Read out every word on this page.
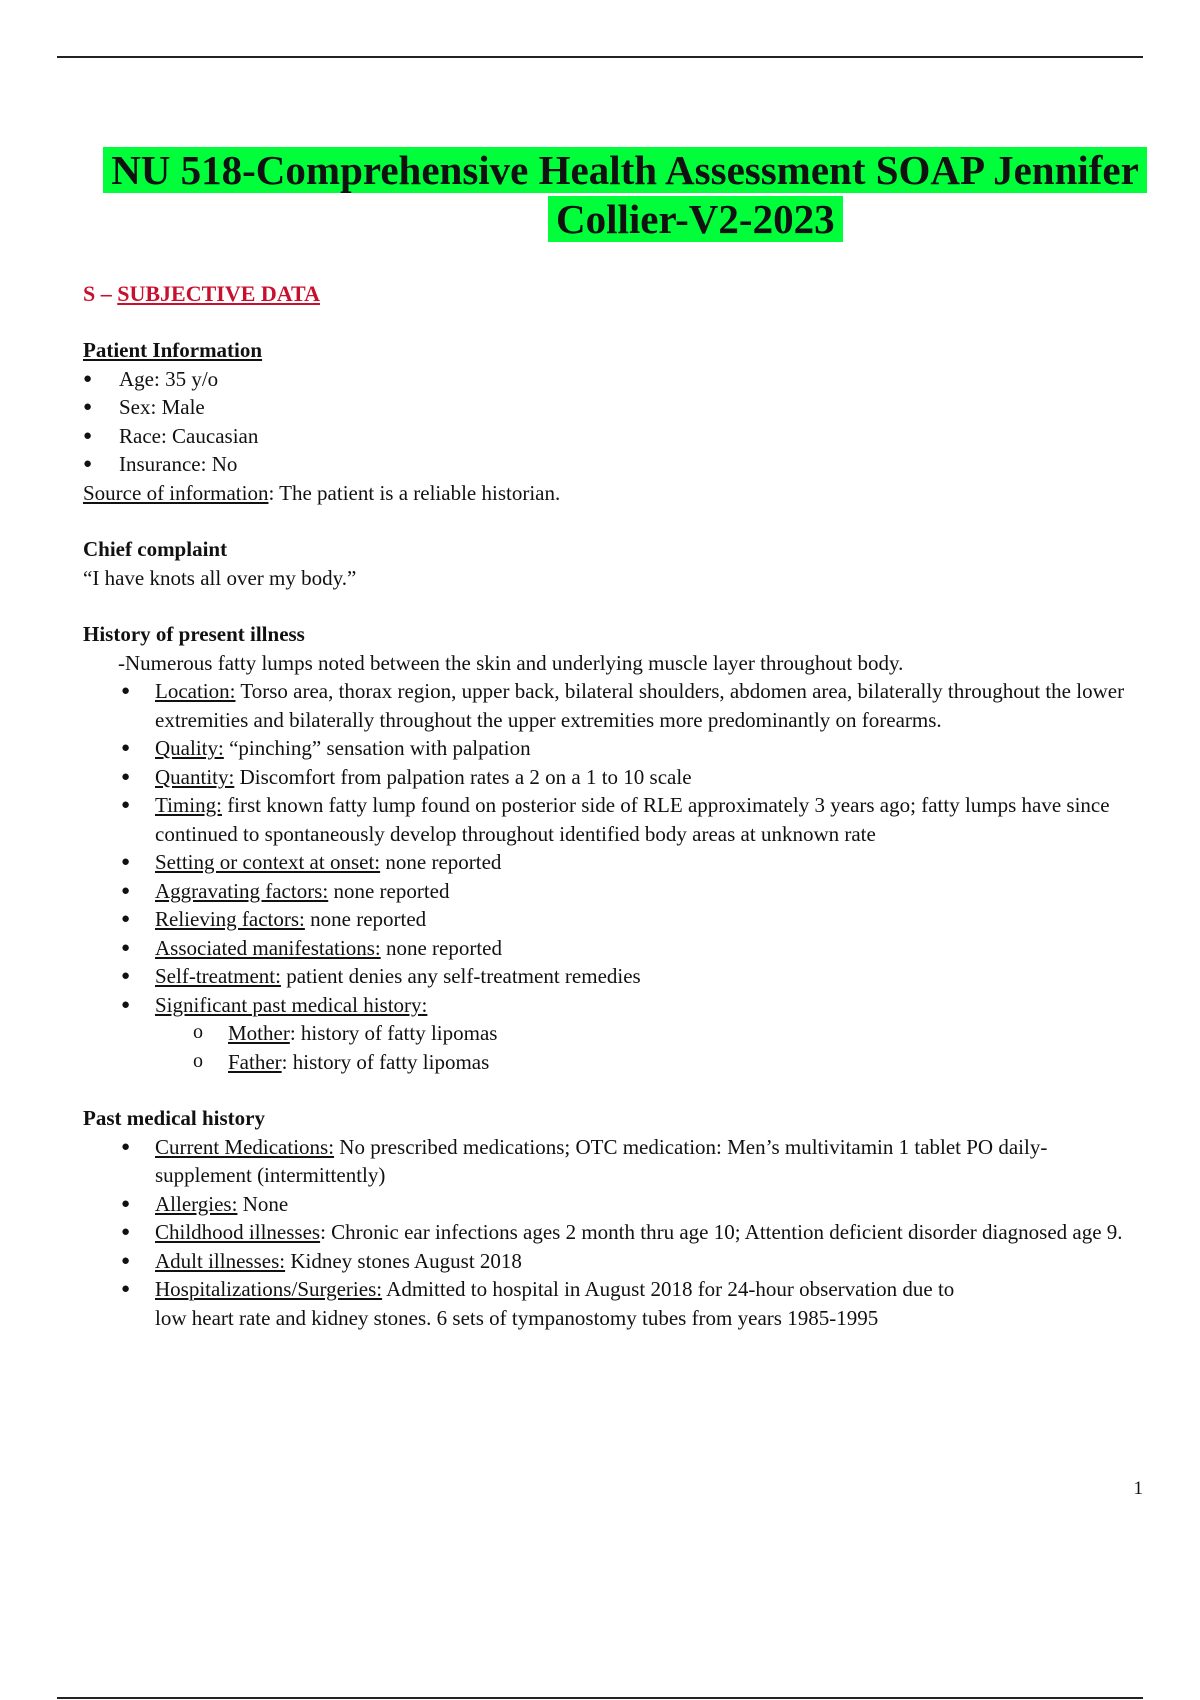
NU 518-Comprehensive Health Assessment SOAP Jennifer
Collier-V2-2023
S – SUBJECTIVE DATA
Patient Information
● Age: 35 y/o
● Sex: Male
● Race: Caucasian
● Insurance: No
Source of information: The patient is a reliable historian.
Chief complaint
“I have knots all over my body.”
History of present illness
-Numerous fatty lumps noted between the skin and underlying muscle layer throughout body.
● Location: Torso area, thorax region, upper back, bilateral shoulders, abdomen area, bilaterally throughout the lower extremities and bilaterally throughout the upper extremities more predominantly on forearms.
● Quality: “pinching” sensation with palpation
● Quantity: Discomfort from palpation rates a 2 on a 1 to 10 scale
● Timing: first known fatty lump found on posterior side of RLE approximately 3 years ago; fatty lumps have since continued to spontaneously develop throughout identified body areas at unknown rate
● Setting or context at onset: none reported
● Aggravating factors: none reported
● Relieving factors: none reported
● Associated manifestations: none reported
● Self-treatment: patient denies any self-treatment remedies
● Significant past medical history:
o Mother: history of fatty lipomas
o Father: history of fatty lipomas
Past medical history
● Current Medications: No prescribed medications; OTC medication: Men’s multivitamin 1 tablet PO daily-supplement (intermittently)
● Allergies: None
● Childhood illnesses: Chronic ear infections ages 2 month thru age 10; Attention deficient disorder diagnosed age 9.
● Adult illnesses: Kidney stones August 2018
● Hospitalizations/Surgeries: Admitted to hospital in August 2018 for 24-hour observation due to low heart rate and kidney stones. 6 sets of tympanostomy tubes from years 1985-1995
1
